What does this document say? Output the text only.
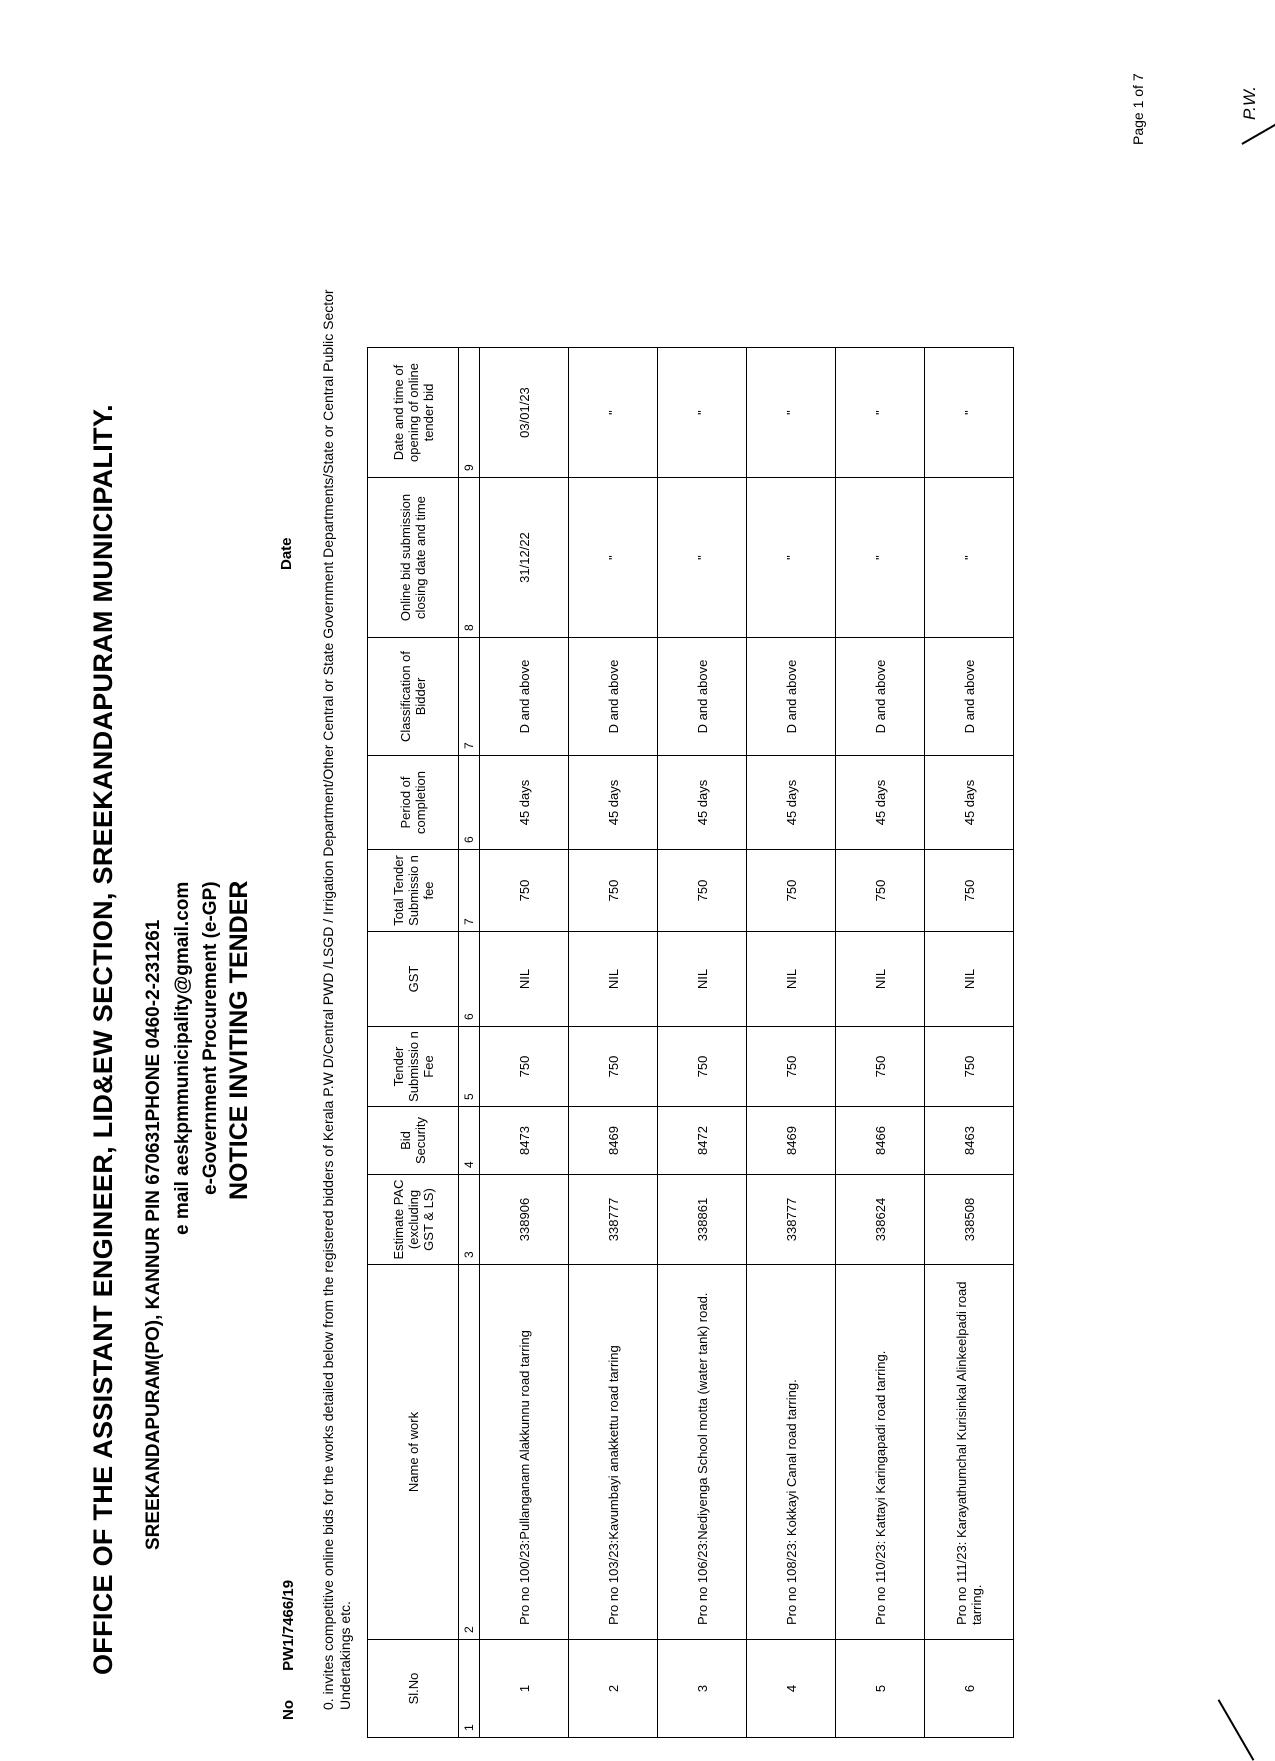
OFFICE OF THE ASSISTANT ENGINEER, LID&EW SECTION, SREEKANDAPURAM MUNICIPALITY. SREEKANDAPURAM(PO), KANNUR PIN 670631PHONE 0460-2-231261 e mail aeskpmmunicipality@gmail.com e-Government Procurement (e-GP) NOTICE INVITING TENDER
No       PW1/7466/19
Date 0. invites competitive online bids for the works detailed below from the registered bidders of Kerala P.W D/Central PWD /LSGD / Irrigation Department/Other Central or State Government Departments/State or Central Public Sector Undertakings etc.	Sl.No	Name of work	Estimate PAC (excluding GST & LS)	Bid Security	Tender Submissio n Fee	GST	Total Tender Submissio n fee	Period of completion	Classification of Bidder	Online bid submission closing date and time	Date and time of opening of online tender bid
1	2	3	4	5	6	7	6	7	8	9
1	Pro no 100/23:Pullanganam Alakkunnu road tarring	338906	8473	750	NIL	750	45 days	D and above	31/12/22	03/01/23
2	Pro no 103/23:Kavumbayi anakkettu road tarring	338777	8469	750	NIL	750	45 days	D and above	"	"
3	Pro no 106/23:Nediyenga School motta (water tank) road.	338861	8472	750	NIL	750	45 days	D and above	"	"
4	Pro no 108/23: Kokkayi Canal road tarring.	338777	8469	750	NIL	750	45 days	D and above	"	"
5	Pro no 110/23: Kattayi Karingapadi road tarring.	338624	8466	750	NIL	750	45 days	D and above	"	"
6	Pro no 111/23: Karayathumchal Kurisinkal Alinkeelpadi road tarring.	338508	8463	750	NIL	750	45 days	D and above	"	"
Page 1 of 7	P.W.
